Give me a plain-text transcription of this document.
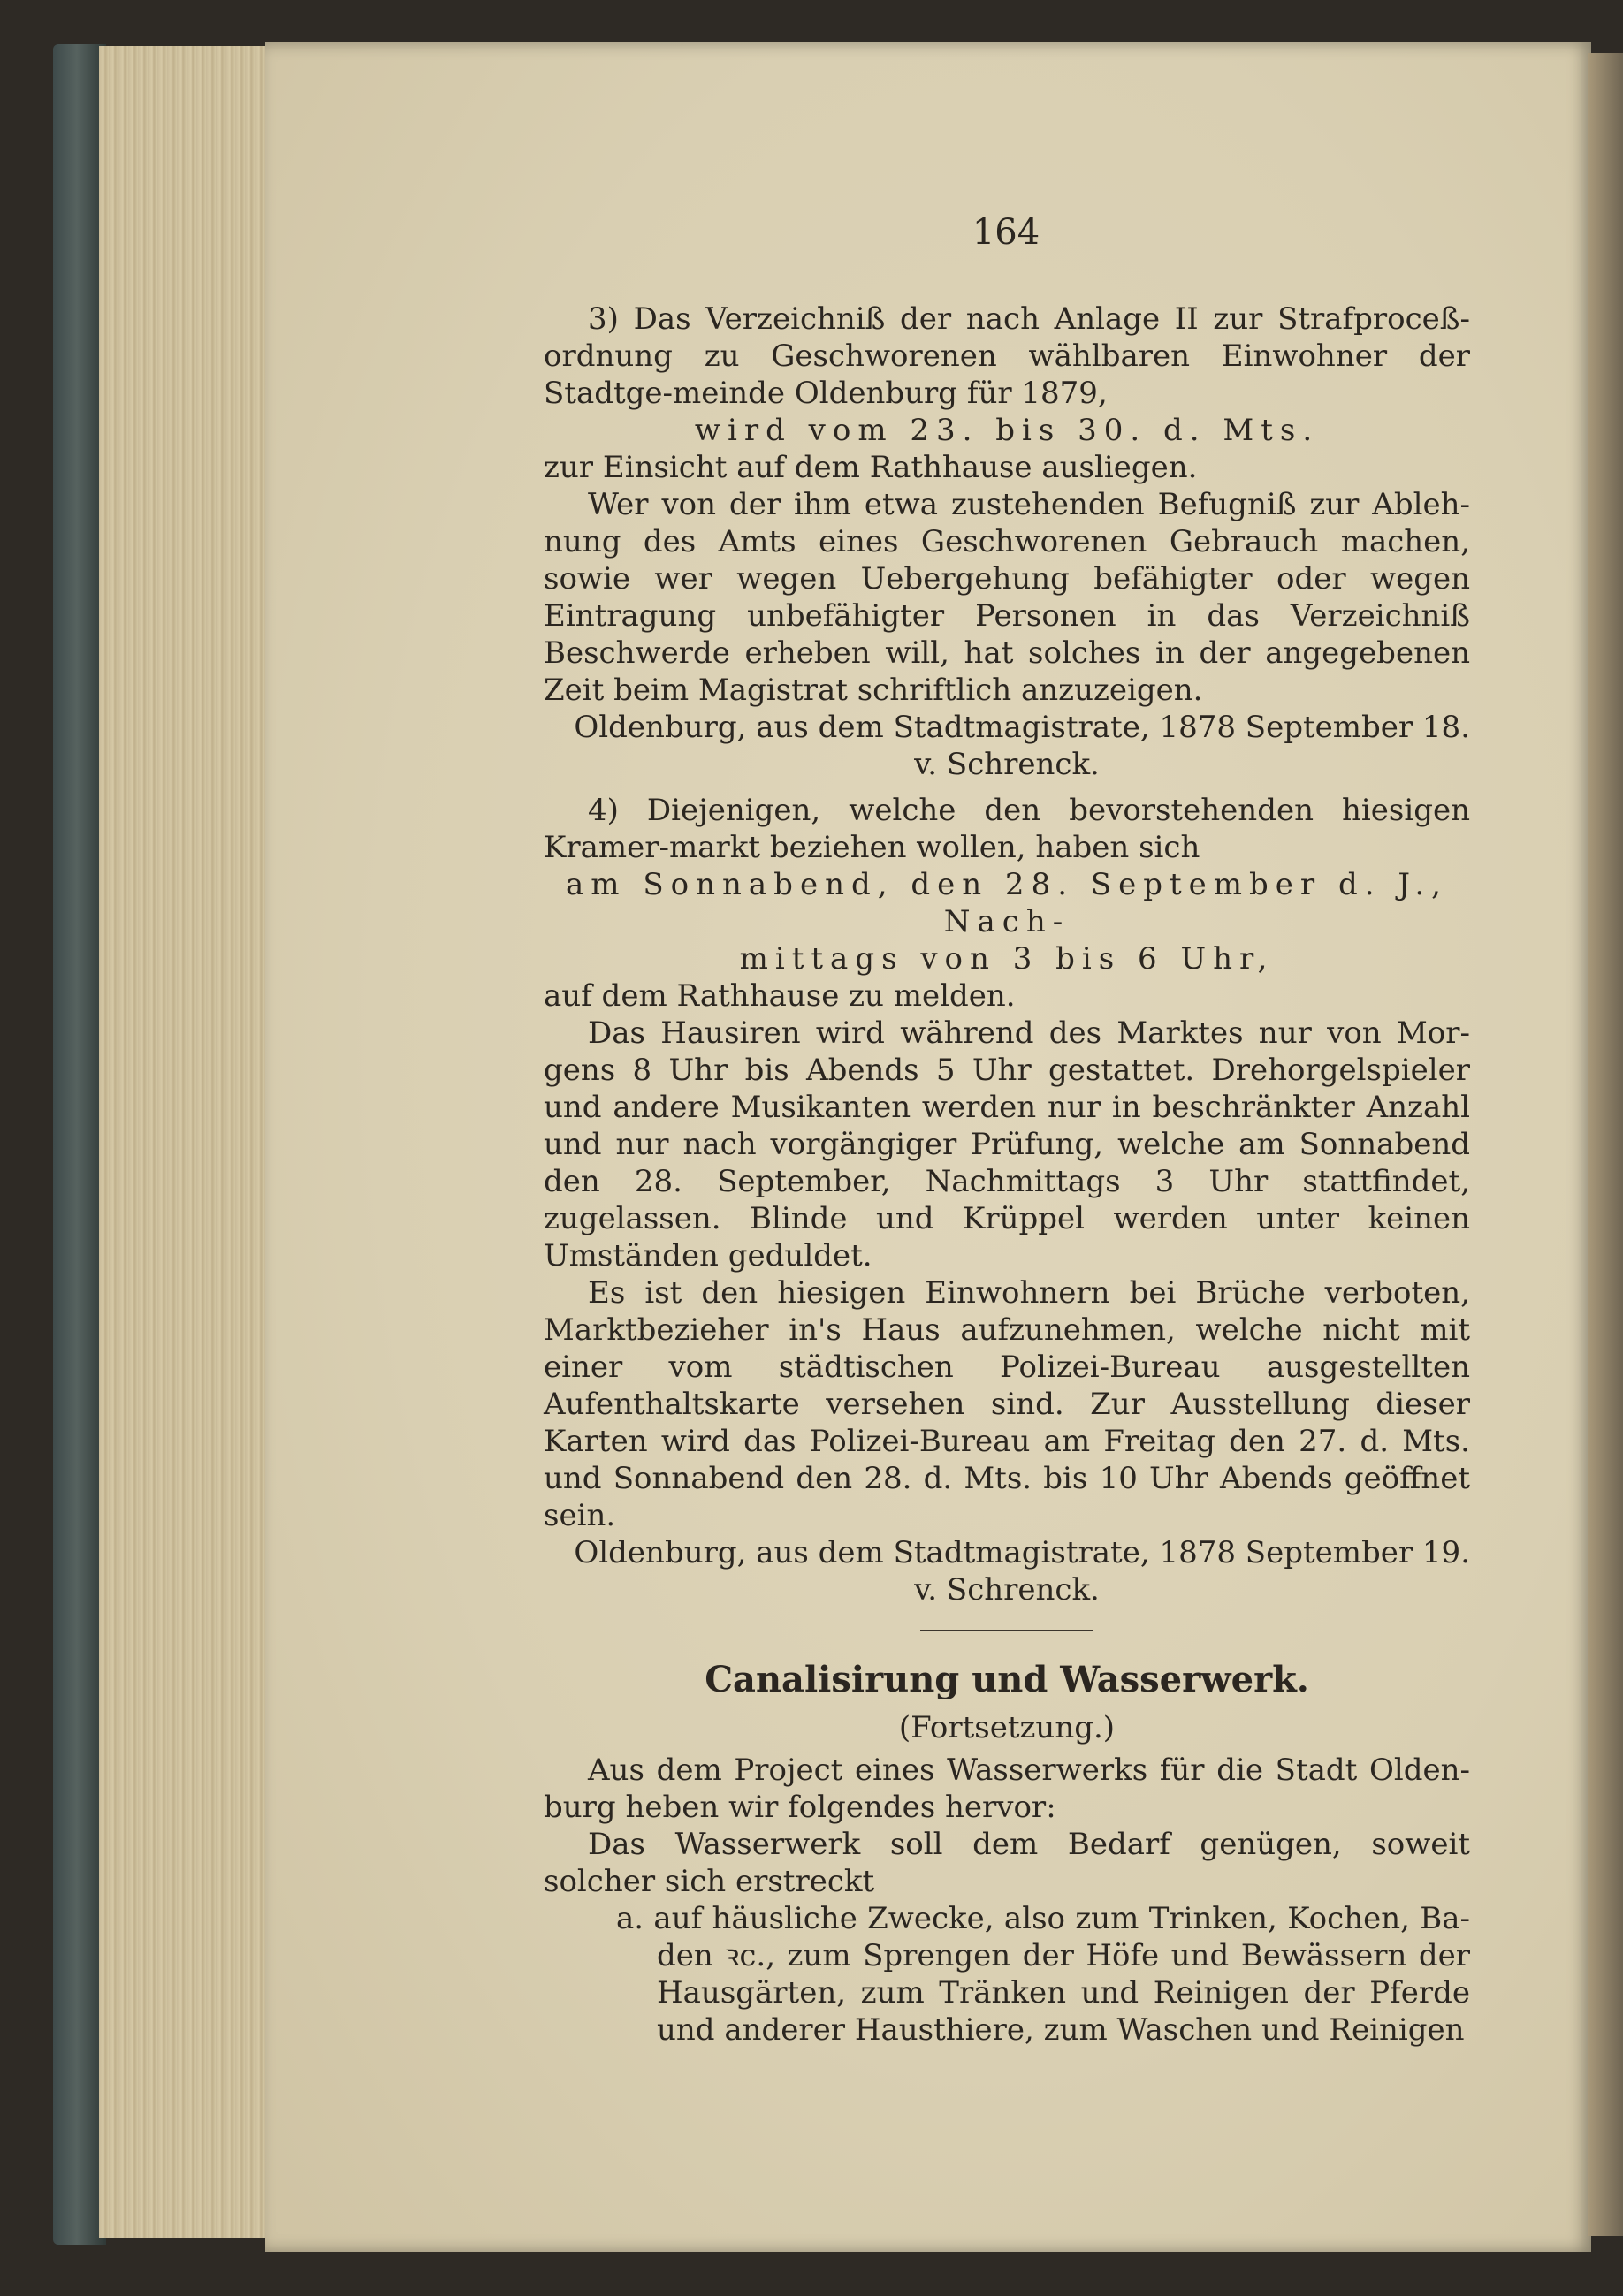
164

3) Das Verzeichniß der nach Anlage II zur Strafproceß-ordnung zu Geschworenen wählbaren Einwohner der Stadtge-meinde Oldenburg für 1879,

wird vom 23. bis 30. d. Mts.

zur Einsicht auf dem Rathhause ausliegen.

Wer von der ihm etwa zustehenden Befugniß zur Ableh-nung des Amts eines Geschworenen Gebrauch machen, sowie wer wegen Uebergehung befähigter oder wegen Eintragung unbefähigter Personen in das Verzeichniß Beschwerde erheben will, hat solches in der angegebenen Zeit beim Magistrat schriftlich anzuzeigen.

Oldenburg, aus dem Stadtmagistrate, 1878 September 18.

v. Schrenck.

4) Diejenigen, welche den bevorstehenden hiesigen Kramer-markt beziehen wollen, haben sich

am Sonnabend, den 28. September d. J., Nach-

mittags von 3 bis 6 Uhr,

auf dem Rathhause zu melden.

Das Hausiren wird während des Marktes nur von Mor-gens 8 Uhr bis Abends 5 Uhr gestattet. Drehorgelspieler und andere Musikanten werden nur in beschränkter Anzahl und nur nach vorgängiger Prüfung, welche am Sonnabend den 28. September, Nachmittags 3 Uhr stattfindet, zugelassen. Blinde und Krüppel werden unter keinen Umständen geduldet.

Es ist den hiesigen Einwohnern bei Brüche verboten, Marktbezieher in's Haus aufzunehmen, welche nicht mit einer vom städtischen Polizei-Bureau ausgestellten Aufenthaltskarte versehen sind. Zur Ausstellung dieser Karten wird das Polizei-Bureau am Freitag den 27. d. Mts. und Sonnabend den 28. d. Mts. bis 10 Uhr Abends geöffnet sein.

Oldenburg, aus dem Stadtmagistrate, 1878 September 19.

v. Schrenck.

Canalisirung und Wasserwerk.

(Fortsetzung.)

Aus dem Project eines Wasserwerks für die Stadt Olden-burg heben wir folgendes hervor:

Das Wasserwerk soll dem Bedarf genügen, soweit solcher sich erstreckt

a. auf häusliche Zwecke, also zum Trinken, Kochen, Ba-den ꝛc., zum Sprengen der Höfe und Bewässern der Hausgärten, zum Tränken und Reinigen der Pferde und anderer Hausthiere, zum Waschen und Reinigen
